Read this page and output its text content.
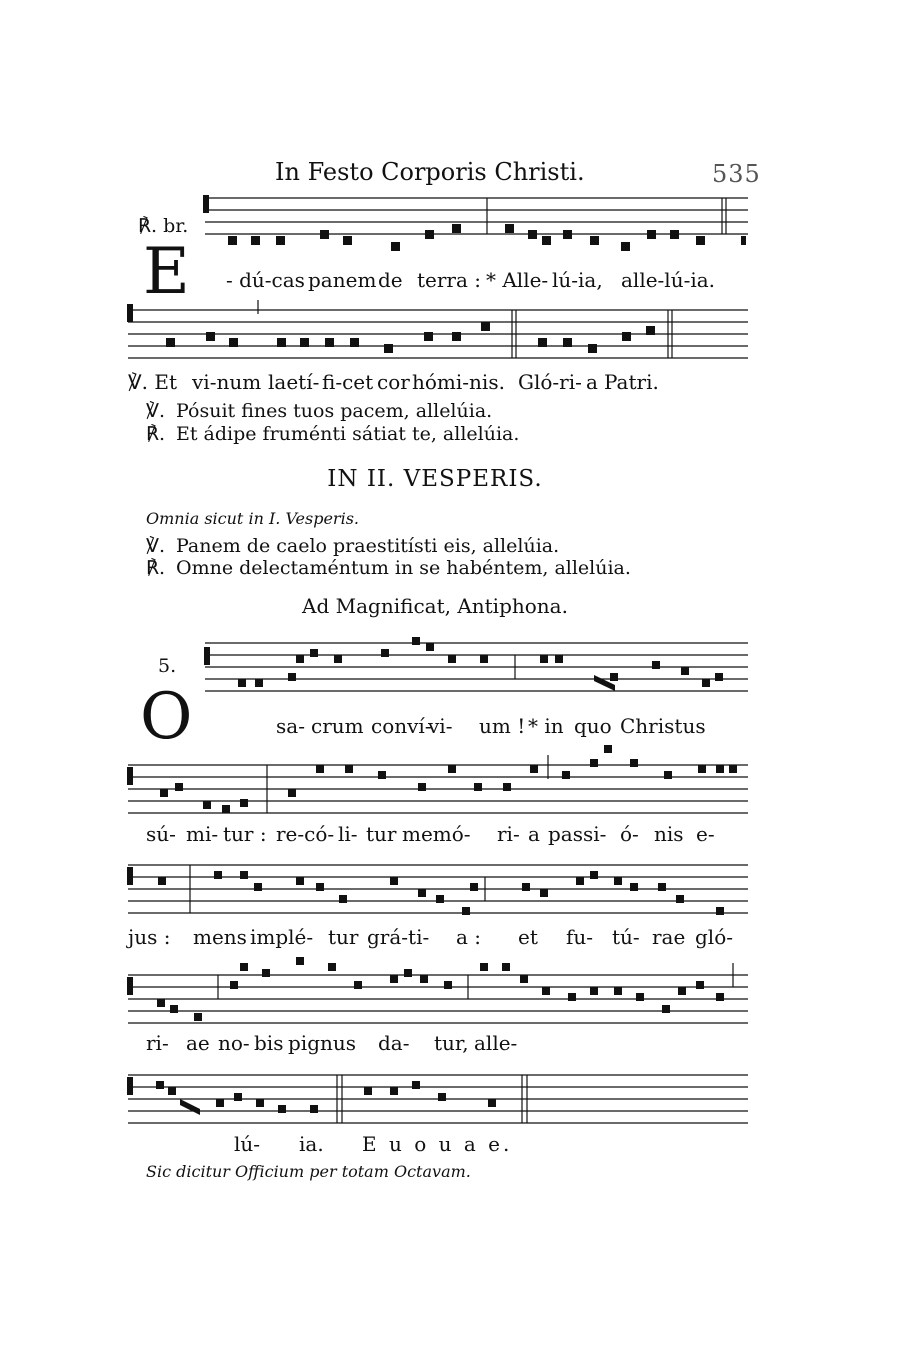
In Festo Corporis Christi.	535
℟. br.
E - dú-cas panem de terra : * Alle- lú-ia, alle-lú-ia.
℣. Et vi-num laetí- fi-cet cor hómi-nis. Gló-ri- a Patri.
℣. Pósuit fines tuos pacem, allelúia.
℟. Et ádipe fruménti sátiat te, allelúia.
IN II. VESPERIS.
Omnia sicut in I. Vesperis.
℣. Panem de caelo praestitísti eis, allelúia.
℟. Omne delectaméntum in se habéntem, allelúia.
Ad Magnificat, Antiphona.
5.
O	sa- crum conví-
vi- um ! * in quo Christus
sú- mi- tur : re-có- li- tur memó- ri- a passi- ó- nis e-
jus : mens implé- tur grá-ti- a : et fu- tú- rae gló-
ri- ae no- bis pignus da- tur, alle-
lú- ia. E u o u a e.
Sic dicitur Officium per totam Octavam.
